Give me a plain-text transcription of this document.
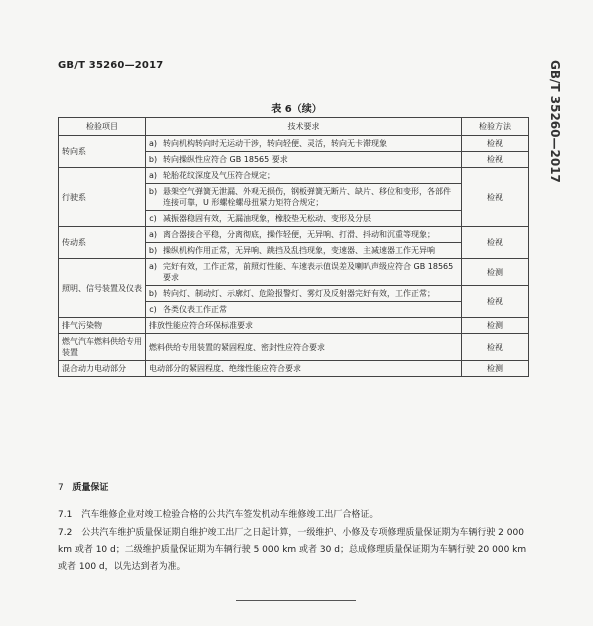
GB/T 35260—2017	GB/T 35260—2017
表 6（续）
检验项目	技术要求		检验方法
转向系	a)	转向机构转向时无运动干涉，转向轻便、灵活，转向无卡滞现象	检视
	b)	转向操纵性应符合 GB 18565 要求	检视
行驶系	a)	轮胎花纹深度及气压符合规定；	检视
	b)	悬架空气弹簧无泄漏、外观无损伤，钢板弹簧无断片、缺片、移位和变形，各部件连接可靠，U 形螺栓螺母扭紧力矩符合规定；	
	c)	减振器稳固有效，无漏油现象，橡胶垫无松动、变形及分层	
传动系	a)	离合器接合平稳，分离彻底，操作轻便，无异响、打滑、抖动和沉重等现象；	检视
	b)	操纵机构作用正常，无异响、跳挡及乱挡现象，变速器、主减速器工作无异响	
照明、信号装置及仪表	a)	完好有效，工作正常，前照灯性能、车速表示值误差及喇叭声级应符合 GB 18565 要求	检测
	b)	转向灯、制动灯、示廓灯、危险报警灯、雾灯及反射器完好有效，工作正常；	检视
	c)	各类仪表工作正常	
排气污染物	排放性能应符合环保标准要求		检测
燃气汽车燃料供给专用装置	燃料供给专用装置的紧固程度、密封性应符合要求		检视
混合动力电动部分	电动部分的紧固程度、绝缘性能应符合要求		检测
7 质量保证
7.1　汽车维修企业对竣工检验合格的公共汽车签发机动车维修竣工出厂合格证。
7.2　公共汽车维护质量保证期自维护竣工出厂之日起计算，一级维护、小修及专项修理质量保证期为车辆行驶 2 000 km 或者 10 d；二级维护质量保证期为车辆行驶 5 000 km 或者 30 d；总成修理质量保证期为车辆行驶 20 000 km 或者 100 d，以先达到者为准。
